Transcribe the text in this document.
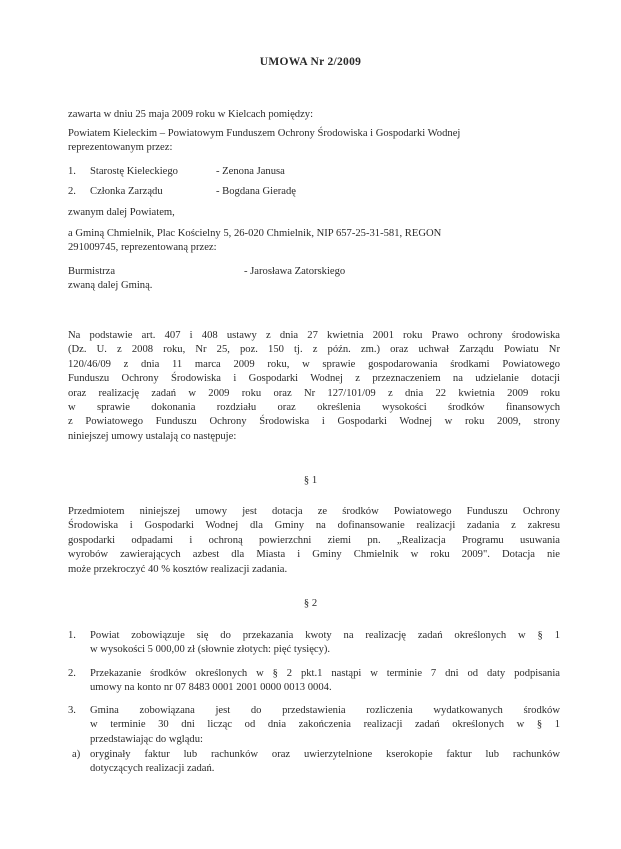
UMOWA Nr 2/2009
zawarta w dniu 25 maja 2009 roku w Kielcach pomiędzy:
Powiatem Kieleckim – Powiatowym Funduszem Ochrony Środowiska i Gospodarki Wodnej
reprezentowanym przez:
1. Starostę Kieleckiego	- Zenona Janusa
2. Członka Zarządu	- Bogdana Gieradę
zwanym dalej Powiatem,
a Gminą Chmielnik, Plac Kościelny 5, 26-020 Chmielnik, NIP 657-25-31-581, REGON
291009745, reprezentowaną przez:
Burmistrza	- Jarosława Zatorskiego
zwaną dalej Gminą.
Na podstawie art. 407 i 408 ustawy z dnia 27 kwietnia 2001 roku Prawo ochrony środowiska
(Dz. U. z 2008 roku, Nr 25, poz. 150 tj. z późn. zm.) oraz uchwał Zarządu Powiatu Nr
120/46/09 z dnia 11 marca 2009 roku, w sprawie gospodarowania środkami Powiatowego
Funduszu Ochrony Środowiska i Gospodarki Wodnej z przeznaczeniem na udzielanie dotacji
oraz realizację zadań w 2009 roku oraz Nr 127/101/09 z dnia 22 kwietnia 2009 roku
w sprawie dokonania rozdziału oraz określenia wysokości środków finansowych
z Powiatowego Funduszu Ochrony Środowiska i Gospodarki Wodnej w roku 2009, strony
niniejszej umowy ustalają co następuje:
§ 1
Przedmiotem niniejszej umowy jest dotacja ze środków Powiatowego Funduszu Ochrony
Środowiska i Gospodarki Wodnej dla Gminy na dofinansowanie realizacji zadania z zakresu
gospodarki odpadami i ochroną powierzchni ziemi pn. „Realizacja Programu usuwania
wyrobów zawierających azbest dla Miasta i Gminy Chmielnik w roku 2009". Dotacja nie
może przekroczyć 40 % kosztów realizacji zadania.
§ 2
1. Powiat zobowiązuje się do przekazania kwoty na realizację zadań określonych w § 1
w wysokości 5 000,00 zł (słownie złotych: pięć tysięcy).
2. Przekazanie środków określonych w § 2 pkt.1 nastąpi w terminie 7 dni od daty podpisania
umowy na konto nr 07 8483 0001 2001 0000 0013 0004.
3. Gmina zobowiązana jest do przedstawienia rozliczenia wydatkowanych środków
w terminie 30 dni licząc od dnia zakończenia realizacji zadań określonych w § 1
przedstawiając do wglądu:
a) oryginały faktur lub rachunków oraz uwierzytelnione kserokopie faktur lub rachunków
dotyczących realizacji zadań.
